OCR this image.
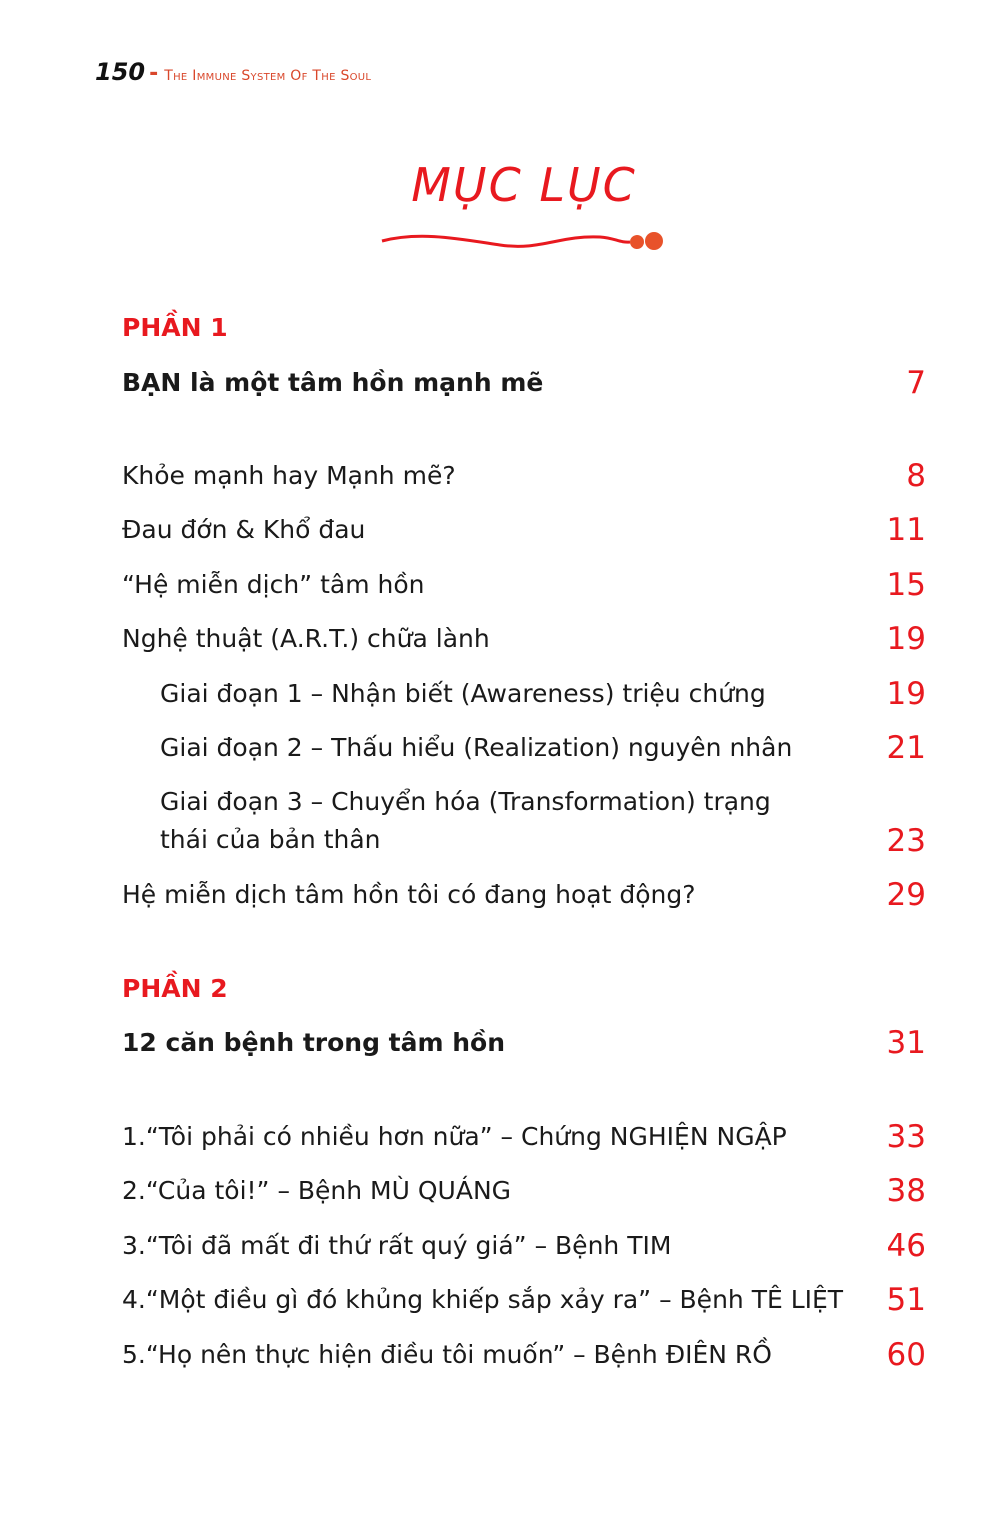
150 - The Immune System Of The Soul
MỤC LỤC
PHẦN 1
BẠN là một tâm hồn mạnh mẽ	7
Khỏe mạnh hay Mạnh mẽ?	8
Đau đớn & Khổ đau	11
“Hệ miễn dịch” tâm hồn	15
Nghệ thuật (A.R.T.) chữa lành	19
Giai đoạn 1 – Nhận biết (Awareness) triệu chứng	19
Giai đoạn 2 – Thấu hiểu (Realization) nguyên nhân	21
Giai đoạn 3 – Chuyển hóa (Transformation) trạng thái của bản thân	23
Hệ miễn dịch tâm hồn tôi có đang hoạt động?	29
PHẦN 2
12 căn bệnh trong tâm hồn	31
1.“Tôi phải có nhiều hơn nữa” – Chứng NGHIỆN NGẬP	33
2.“Của tôi!” – Bệnh MÙ QUÁNG	38
3.“Tôi đã mất đi thứ rất quý giá” – Bệnh TIM	46
4.“Một điều gì đó khủng khiếp sắp xảy ra” – Bệnh TÊ LIỆT 51
5.“Họ nên thực hiện điều tôi muốn” – Bệnh ĐIÊN RỒ	60
